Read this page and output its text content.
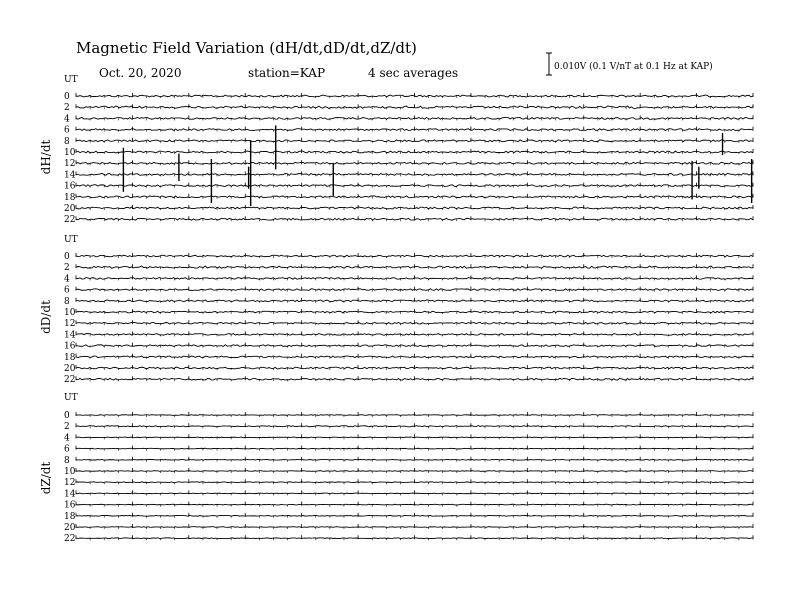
Magnetic Field Variation (dH/dt,dD/dt,dZ/dt)
Oct. 20, 2020	station=KAP	4 sec averages	0.010V (0.1 V/nT at 0.1 Hz at KAP)
UT
dH/dt
0
2
4
6
8
10
12
14
16
18
20
22
UT
dD/dt
0
2
4
6
8
10
12
14
16
18
20
22
UT
dZ/dt
0
2
4
6
8
10
12
14
16
18
20
22
